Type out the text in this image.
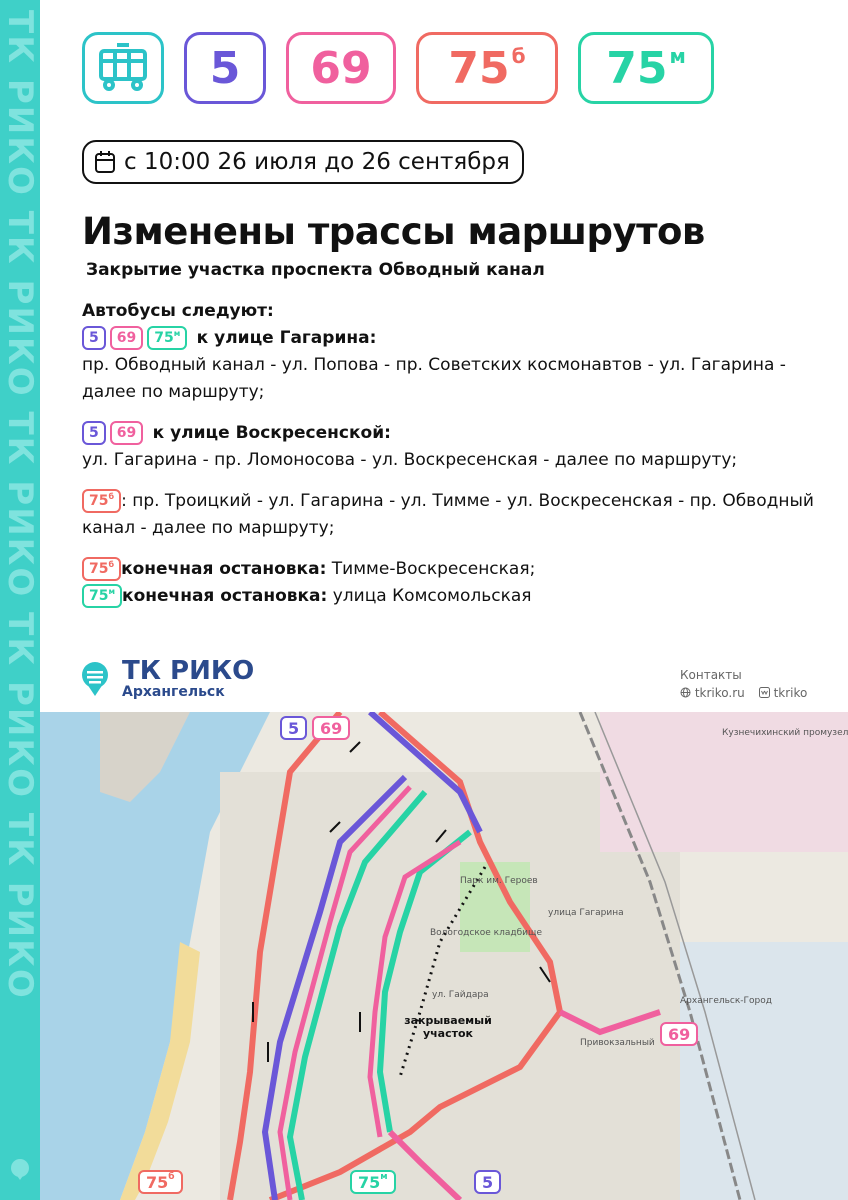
ТК РИКО ТК РИКО ТК РИКО ТК РИКО ТК РИКО	5 69 $75^б$ $75^м$
с 10:00 26 июля до 26 сентября
Изменены трассы маршрутов
Закрытие участка проспекта Обводный канал
Автобусы следуют:
5 69 $75^м$ к улице Гагарина:
пр. Обводный канал - ул. Попова - пр. Советских космонавтов - ул. Гагарина - далее по маршруту;
5 69 к улице Воскресенской:
ул. Гагарина - пр. Ломоносова - ул. Воскресенская - далее по маршруту;
$75^б$ : пр. Троицкий - ул. Гагарина - ул. Тимме - ул. Воскресенская - пр. Обводный канал - далее по маршруту;
$75^б$ конечная остановка: Тимме-Воскресенская;
$75^м$ конечная остановка: улица Комсомольская
ТК РИКО
Архангельск
Контакты
tkriko.ru	tkriko
закрываемый участок
улица Гагарина
ул. Гайдара
Парк им. Героев
Вологодское кладбище
Кузнечихинский промузел
Привокзальный
Архангельск-Город
5 69
69
$75^б$	$75^м$	5
